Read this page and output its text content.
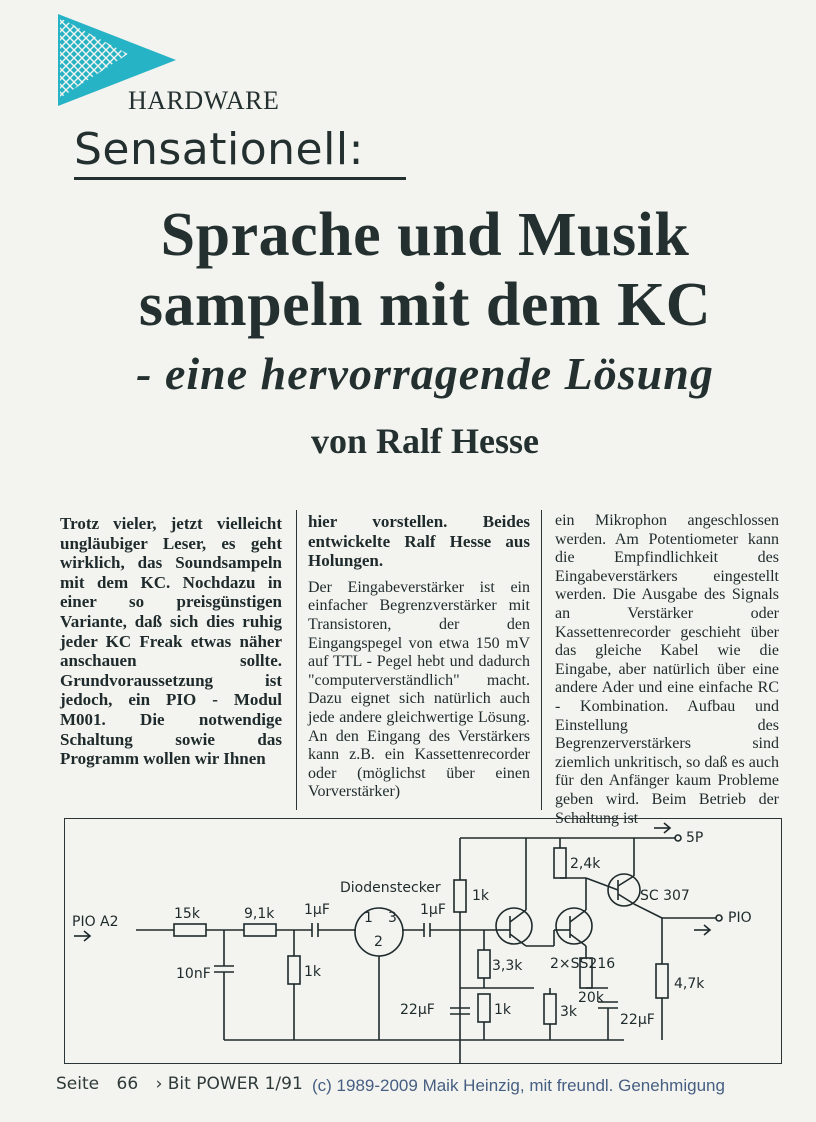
HARDWARE
Sensationell:
Sprache und Musik
sampeln mit dem KC
- eine hervorragende Lösung
von Ralf Hesse
Trotz vieler, jetzt vielleicht ungläubiger Leser, es geht wirklich, das Soundsampeln mit dem KC. Nochdazu in einer so preisgünstigen Variante, daß sich dies ruhig jeder KC Freak etwas näher anschauen sollte. Grundvoraussetzung ist jedoch, ein PIO - Modul M001. Die notwendige Schaltung sowie das Programm wollen wir Ihnen
hier vorstellen. Beides entwickelte Ralf Hesse aus Holungen.
Der Eingabeverstärker ist ein einfacher Begrenzverstärker mit Transistoren, der den Eingangspegel von etwa 150 mV auf TTL - Pegel hebt und dadurch "computerverständlich" macht. Dazu eignet sich natürlich auch jede andere gleichwertige Lösung. An den Eingang des Verstärkers kann z.B. ein Kassettenrecorder oder (möglichst über einen Vorverstärker)
ein Mikrophon angeschlossen werden. Am Potentiometer kann die Empfindlichkeit des Eingabeverstärkers eingestellt werden. Die Ausgabe des Signals an Verstärker oder Kassettenrecorder geschieht über das gleiche Kabel wie die Eingabe, aber natürlich über eine andere Ader und eine einfache RC - Kombination. Aufbau und Einstellung des Begrenzerverstärkers sind ziemlich unkritisch, so daß es auch für den Anfänger kaum Probleme geben wird. Beim Betrieb der Schaltung ist
PIO A2	15k	9,1k
10nF	1k
1µF
Diodenstecker
1
2
3 1µF
1k
3,3k
22µF	1k
2,4k
2×SS216
20k
3k	22µF
SC 307
5P
PIO
4,7k
Seite 66 › Bit POWER 1/91 (c) 1989-2009 Maik Heinzig, mit freundl. Genehmigung
